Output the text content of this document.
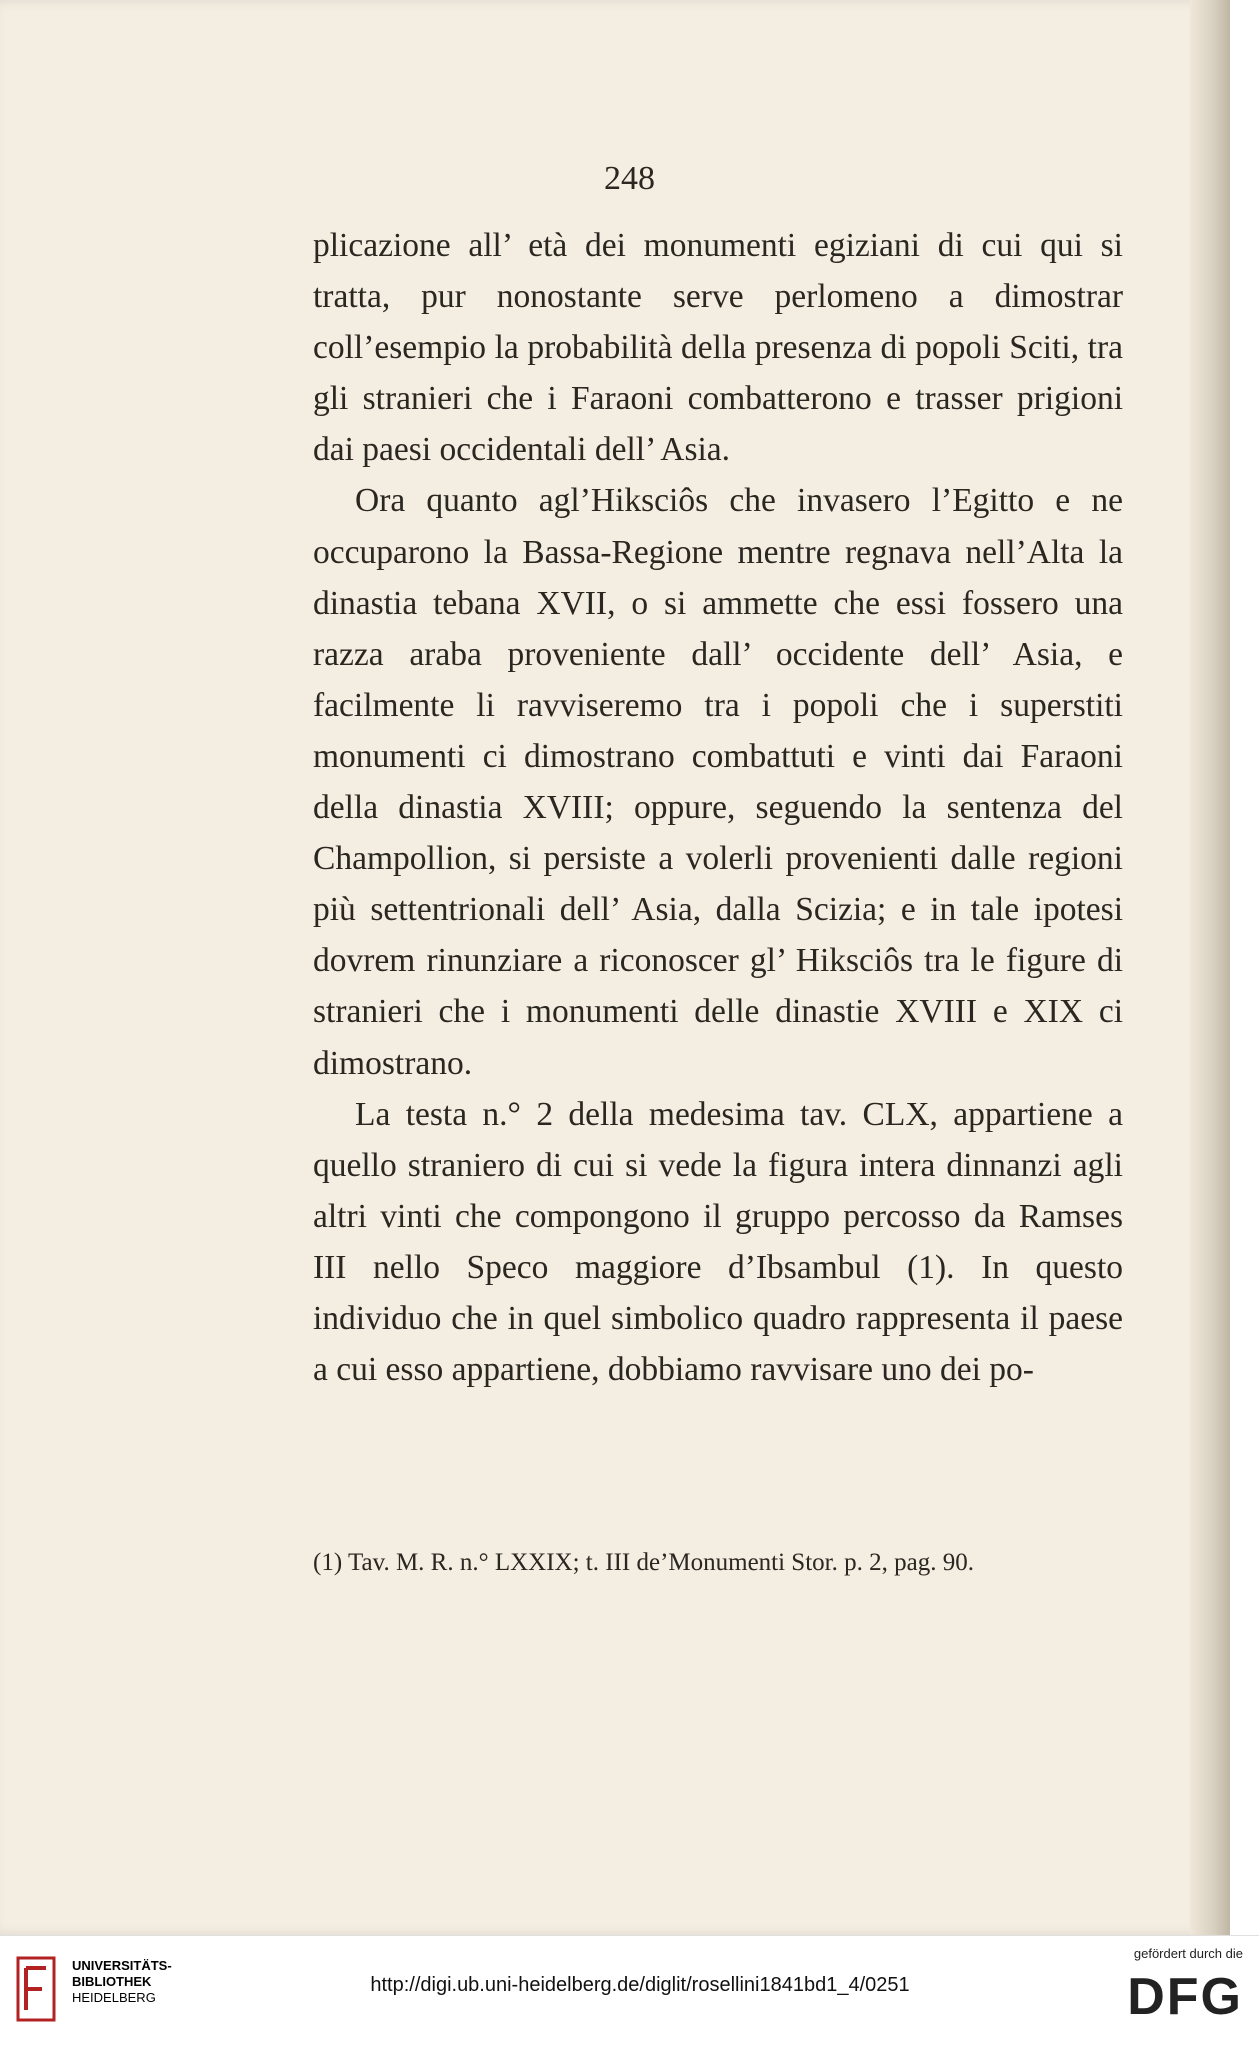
248

plicazione all’ età dei monumenti egiziani di cui qui si tratta, pur nonostante serve perlomeno a dimostrar coll’esempio la probabilità della presenza di popoli Sciti, tra gli stranieri che i Faraoni combatterono e trasser prigioni dai paesi occidentali dell’ Asia.

Ora quanto agl’Hiksciôs che invasero l’Egitto e ne occuparono la Bassa-Regione mentre regnava nell’Alta la dinastia tebana XVII, o si ammette che essi fossero una razza araba proveniente dall’ occidente dell’ Asia, e facilmente li ravviseremo tra i popoli che i superstiti monumenti ci dimostrano combattuti e vinti dai Faraoni della dinastia XVIII; oppure, seguendo la sentenza del Champollion, si persiste a volerli provenienti dalle regioni più settentrionali dell’ Asia, dalla Scizia; e in tale ipotesi dovrem rinunziare a riconoscer gl’ Hiksciôs tra le figure di stranieri che i monumenti delle dinastie XVIII e XIX ci dimostrano.

La testa n.° 2 della medesima tav. CLX, appartiene a quello straniero di cui si vede la figura intera dinnanzi agli altri vinti che compongono il gruppo percosso da Ramses III nello Speco maggiore d’Ibsambul (1). In questo individuo che in quel simbolico quadro rappresenta il paese a cui esso appartiene, dobbiamo ravvisare uno dei po-

(1) Tav. M. R. n.° LXXIX; t. III de’Monumenti Stor. p. 2, pag. 90.
UNIVERSITÄTS-
BIBLIOTHEK
HEIDELBERG
http://digi.ub.uni-heidelberg.de/diglit/rosellini1841bd1_4/0251
gefördert durch die
DFG
